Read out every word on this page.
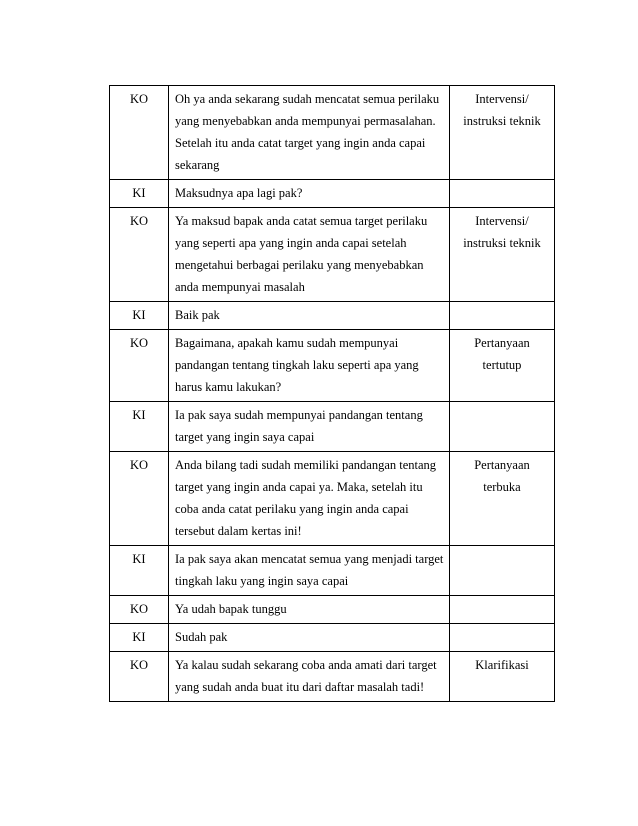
KO	Oh ya anda sekarang sudah mencatat semua perilaku
yang menyebabkan anda mempunyai permasalahan.
Setelah itu anda catat target yang ingin anda capai
sekarang	Intervensi/
instruksi teknik

KI	Maksudnya apa lagi pak?	

KO	Ya maksud bapak anda catat semua target perilaku
yang seperti apa yang ingin anda capai setelah
mengetahui berbagai perilaku yang menyebabkan
anda mempunyai masalah	Intervensi/
instruksi teknik

KI	Baik pak	

KO	Bagaimana, apakah kamu sudah mempunyai
pandangan tentang tingkah laku seperti apa yang
harus kamu lakukan?	Pertanyaan
tertutup

KI	Ia pak saya sudah mempunyai pandangan tentang
target yang ingin saya capai	

KO	Anda bilang tadi sudah memiliki pandangan tentang
target yang ingin anda capai ya. Maka, setelah itu
coba anda catat perilaku yang ingin anda capai
tersebut dalam kertas ini!	Pertanyaan
terbuka

KI	Ia pak saya akan mencatat semua yang menjadi target
tingkah laku yang ingin saya capai	

KO	Ya udah bapak tunggu	

KI	Sudah pak	

KO	Ya kalau sudah sekarang coba anda amati dari target
yang sudah anda buat itu dari daftar masalah tadi!	Klarifikasi
